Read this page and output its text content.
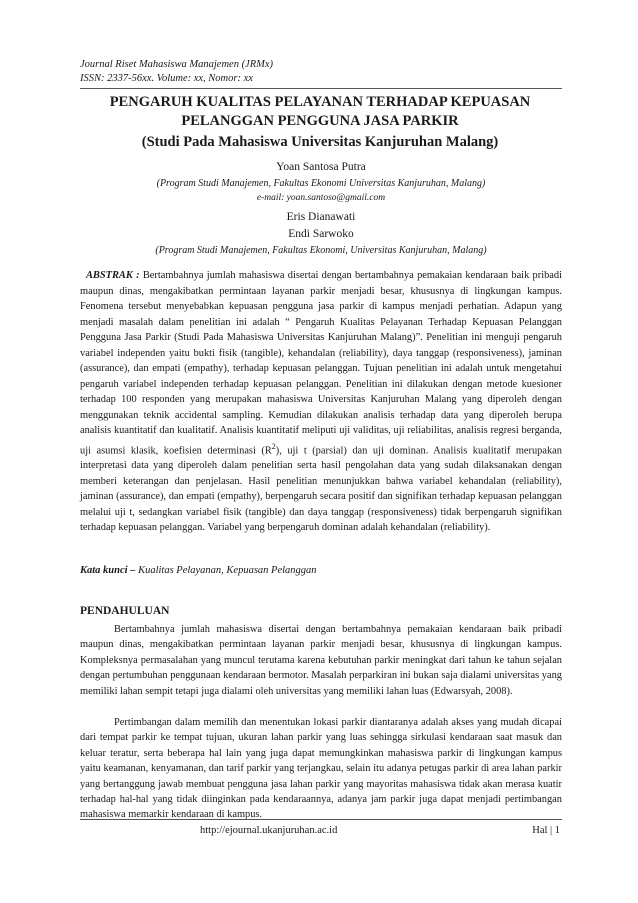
Journal Riset Mahasiswa Manajemen (JRMx)
ISSN: 2337-56xx. Volume: xx, Nomor: xx
PENGARUH KUALITAS PELAYANAN TERHADAP KEPUASAN
PELANGGAN PENGGUNA JASA PARKIR
(Studi Pada Mahasiswa Universitas Kanjuruhan Malang)
Yoan Santosa Putra
(Program Studi Manajemen, Fakultas Ekonomi Universitas Kanjuruhan, Malang)
e-mail: yoan.santoso@gmail.com
Eris Dianawati
Endi Sarwoko
(Program Studi Manajemen, Fakultas Ekonomi, Universitas Kanjuruhan, Malang)
ABSTRAK : Bertambahnya jumlah mahasiswa disertai dengan bertambahnya pemakaian kendaraan baik pribadi maupun dinas, mengakibatkan permintaan layanan parkir menjadi besar, khususnya di lingkungan kampus. Fenomena tersebut menyebabkan kepuasan pengguna jasa parkir di kampus menjadi perhatian. Adapun yang menjadi masalah dalam penelitian ini adalah “ Pengaruh Kualitas Pelayanan Terhadap Kepuasan Pelanggan Pengguna Jasa Parkir (Studi Pada Mahasiswa Universitas Kanjuruhan Malang)”. Penelitian ini menguji pengaruh variabel independen yaitu bukti fisik (tangible), kehandalan (reliability), daya tanggap (responsiveness), jaminan (assurance), dan empati (empathy), terhadap kepuasan pelanggan. Tujuan penelitian ini adalah untuk mengetahui pengaruh variabel independen terhadap kepuasan pelanggan. Penelitian ini dilakukan dengan metode kuesioner terhadap 100 responden yang merupakan mahasiswa Universitas Kanjuruhan Malang yang diperoleh dengan menggunakan teknik accidental sampling. Kemudian dilakukan analisis terhadap data yang diperoleh berupa analisis kuantitatif dan kualitatif. Analisis kuantitatif meliputi uji validitas, uji reliabilitas, analisis regresi berganda, uji asumsi klasik, koefisien determinasi $(R^2)$, uji t (parsial) dan uji dominan. Analisis kualitatif merupakan interpretasi data yang diperoleh dalam penelitian serta hasil pengolahan data yang sudah dilaksanakan dengan memberi keterangan dan penjelasan. Hasil penelitian menunjukkan bahwa variabel kehandalan (reliability), jaminan (assurance), dan empati (empathy), berpengaruh secara positif dan signifikan terhadap kepuasan pelanggan melalui uji t, sedangkan variabel fisik (tangible) dan daya tanggap (responsiveness) tidak berpengaruh signifikan terhadap kepuasan pelanggan. Variabel yang berpengaruh dominan adalah kehandalan (reliability).
Kata kunci – Kualitas Pelayanan, Kepuasan Pelanggan
PENDAHULUAN
Bertambahnya jumlah mahasiswa disertai dengan bertambahnya pemakaian kendaraan baik pribadi maupun dinas, mengakibatkan permintaan layanan parkir menjadi besar, khususnya di lingkungan kampus. Kompleksnya permasalahan yang muncul terutama karena kebutuhan parkir meningkat dari tahun ke tahun sejalan dengan pertumbuhan penggunaan kendaraan bermotor. Masalah perparkiran ini bukan saja dialami universitas yang memiliki lahan sempit tetapi juga dialami oleh universitas yang memiliki lahan luas (Edwarsyah, 2008).
Pertimbangan dalam memilih dan menentukan lokasi parkir diantaranya adalah akses yang mudah dicapai dari tempat parkir ke tempat tujuan, ukuran lahan parkir yang luas sehingga sirkulasi kendaraan saat masuk dan keluar teratur, serta beberapa hal lain yang juga dapat memungkinkan mahasiswa parkir di lingkungan kampus yaitu keamanan, kenyamanan, dan tarif parkir yang terjangkau, selain itu adanya petugas parkir di area lahan parkir yang bertanggung jawab membuat pengguna jasa lahan parkir yang mayoritas mahasiswa tidak akan merasa kuatir terhadap hal-hal yang tidak diinginkan pada kendaraannya, adanya jam parkir juga dapat menjadi pertimbangan mahasiswa memarkir kendaraan di kampus.
http://ejournal.ukanjuruhan.ac.id	Hal | 1
